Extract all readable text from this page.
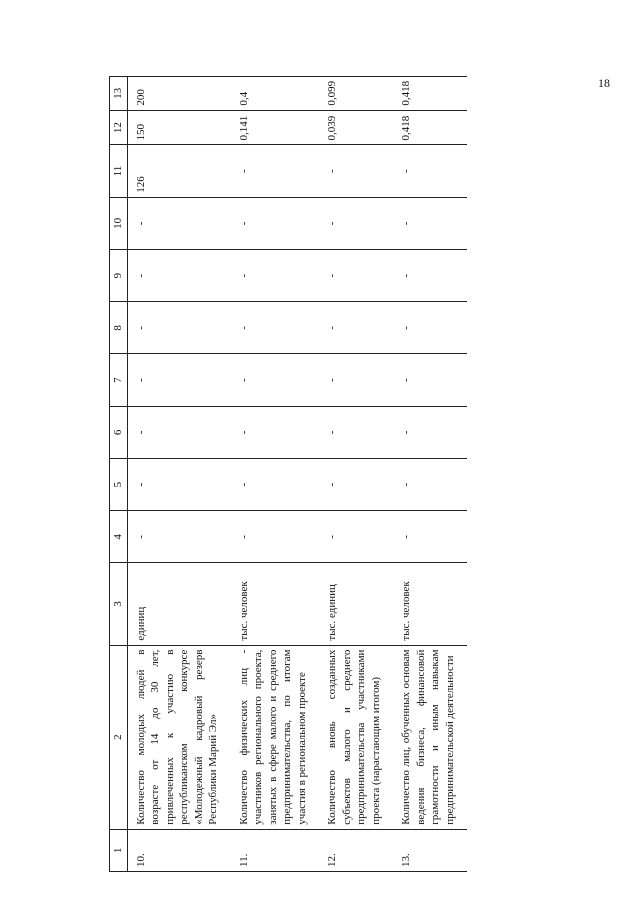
18
1	2	3	4	5	6	7	8	9	10	11	12	13
10.	Количество молодых людей в возрасте от 14 до 30 лет, привлеченных к участию в республиканском конкурсе «Молодежный кадровый резерв Республики Марий Эл»	единиц	-	-	-	-	-	-	-	126	150	200
11.	Количество физических лиц - участников регионального проекта, занятых в сфере малого и среднего предпринимательства, по итогам участия в региональном проекте	тыс. человек	-	-	-	-	-	-	-	-	0,141	0,4
12.	Количество вновь созданных субъектов малого и среднего предпринимательства участниками проекта (нарастающим итогом)	тыс. единиц	-	-	-	-	-	-	-	-	0,039	0,099
13.	Количество лиц, обученных основам ведения бизнеса, финансовой грамотности и иным навыкам предпринимательской деятельности	тыс. человек	-	-	-	-	-	-	-	-	0,418	0,418
